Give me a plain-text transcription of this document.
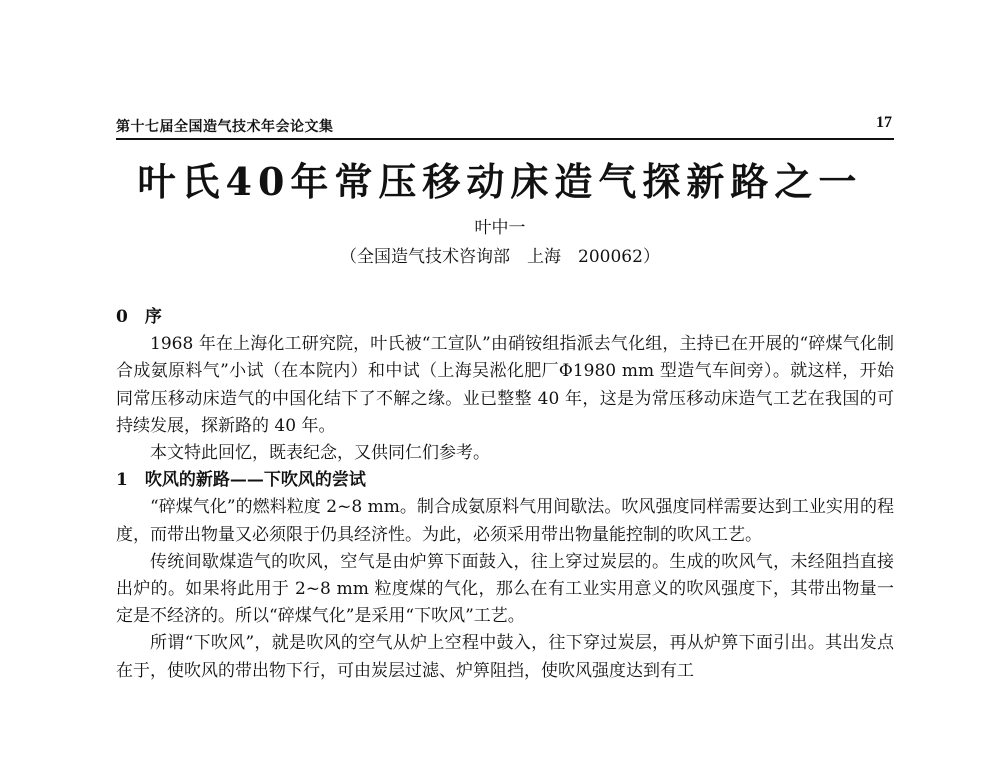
第十七届全国造气技术年会论文集	17
叶氏40年常压移动床造气探新路之一
叶中一
（全国造气技术咨询部　上海　200062）

0　序

1968 年在上海化工研究院，叶氏被“工宣队”由硝铵组指派去气化组，主持已在开展的“碎煤气化制合成氨原料气”小试（在本院内）和中试（上海吴淞化肥厂Φ1980 mm 型造气车间旁）。就这样，开始同常压移动床造气的中国化结下了不解之缘。业已整整 40 年，这是为常压移动床造气工艺在我国的可持续发展，探新路的 40 年。

本文特此回忆，既表纪念，又供同仁们参考。

1　吹风的新路——下吹风的尝试

“碎煤气化”的燃料粒度 2~8 mm。制合成氨原料气用间歇法。吹风强度同样需要达到工业实用的程度，而带出物量又必须限于仍具经济性。为此，必须采用带出物量能控制的吹风工艺。

传统间歇煤造气的吹风，空气是由炉箅下面鼓入，往上穿过炭层的。生成的吹风气，未经阻挡直接出炉的。如果将此用于 2~8 mm 粒度煤的气化，那么在有工业实用意义的吹风强度下，其带出物量一定是不经济的。所以“碎煤气化”是采用“下吹风”工艺。

所谓“下吹风”，就是吹风的空气从炉上空程中鼓入，往下穿过炭层，再从炉箅下面引出。其出发点在于，使吹风的带出物下行，可由炭层过滤、炉箅阻挡，使吹风强度达到有工
